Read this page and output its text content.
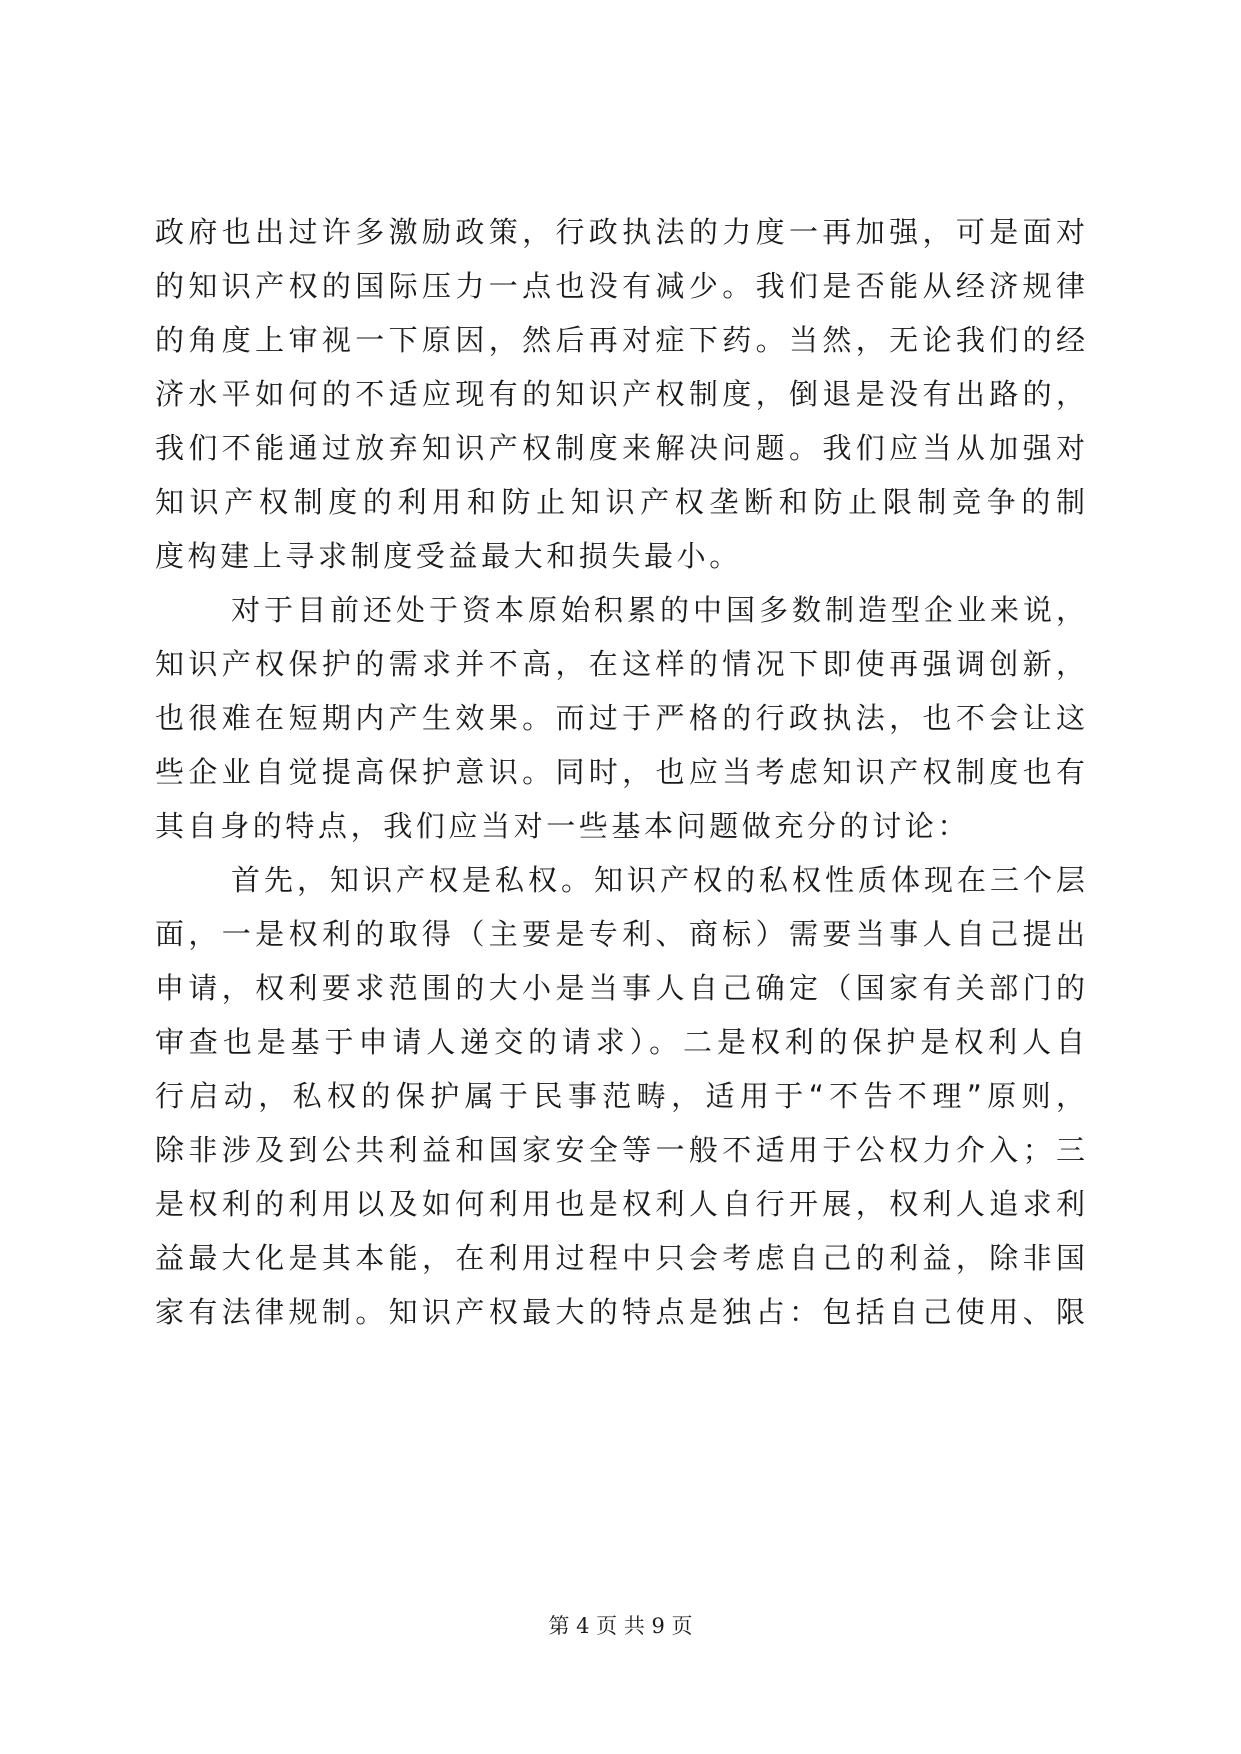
政府也出过许多激励政策，行政执法的力度一再加强，可是面对
的知识产权的国际压力一点也没有减少。我们是否能从经济规律
的角度上审视一下原因，然后再对症下药。当然，无论我们的经
济水平如何的不适应现有的知识产权制度，倒退是没有出路的，
我们不能通过放弃知识产权制度来解决问题。我们应当从加强对
知识产权制度的利用和防止知识产权垄断和防止限制竞争的制
度构建上寻求制度受益最大和损失最小。
对于目前还处于资本原始积累的中国多数制造型企业来说，
知识产权保护的需求并不高，在这样的情况下即使再强调创新，
也很难在短期内产生效果。而过于严格的行政执法，也不会让这
些企业自觉提高保护意识。同时，也应当考虑知识产权制度也有
其自身的特点，我们应当对一些基本问题做充分的讨论：
首先，知识产权是私权。知识产权的私权性质体现在三个层
面，一是权利的取得（主要是专利、商标）需要当事人自己提出
申请，权利要求范围的大小是当事人自己确定（国家有关部门的
审查也是基于申请人递交的请求）。二是权利的保护是权利人自
行启动，私权的保护属于民事范畴，适用于“不告不理”原则，
除非涉及到公共利益和国家安全等一般不适用于公权力介入；三
是权利的利用以及如何利用也是权利人自行开展，权利人追求利
益最大化是其本能，在利用过程中只会考虑自己的利益，除非国
家有法律规制。知识产权最大的特点是独占：包括自己使用、限
第 4 页 共 9 页
